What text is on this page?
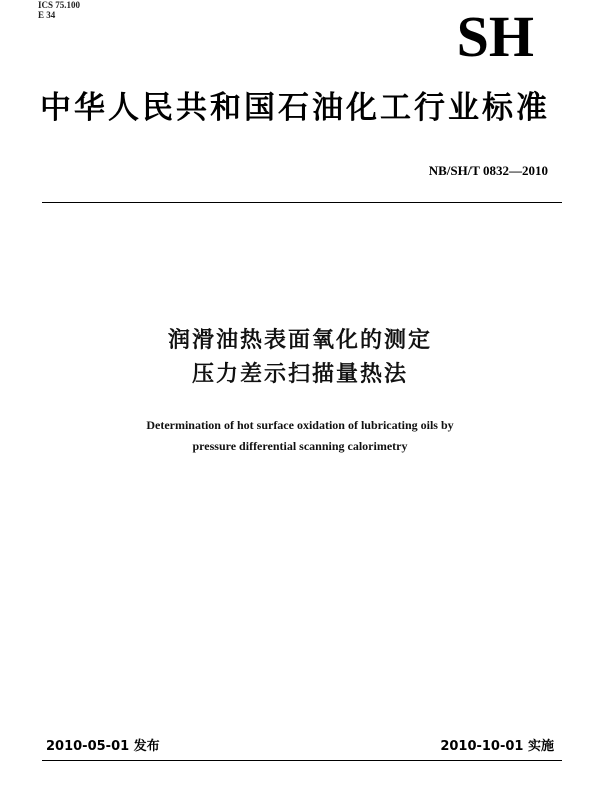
ICS 75.100
E 34	SH
中华人民共和国石油化工行业标准
NB/SH/T 0832—2010
润滑油热表面氧化的测定
压力差示扫描量热法
Determination of hot surface oxidation of lubricating oils by
pressure differential scanning calorimetry
2010-05-01 发布	2010-10-01 实施
